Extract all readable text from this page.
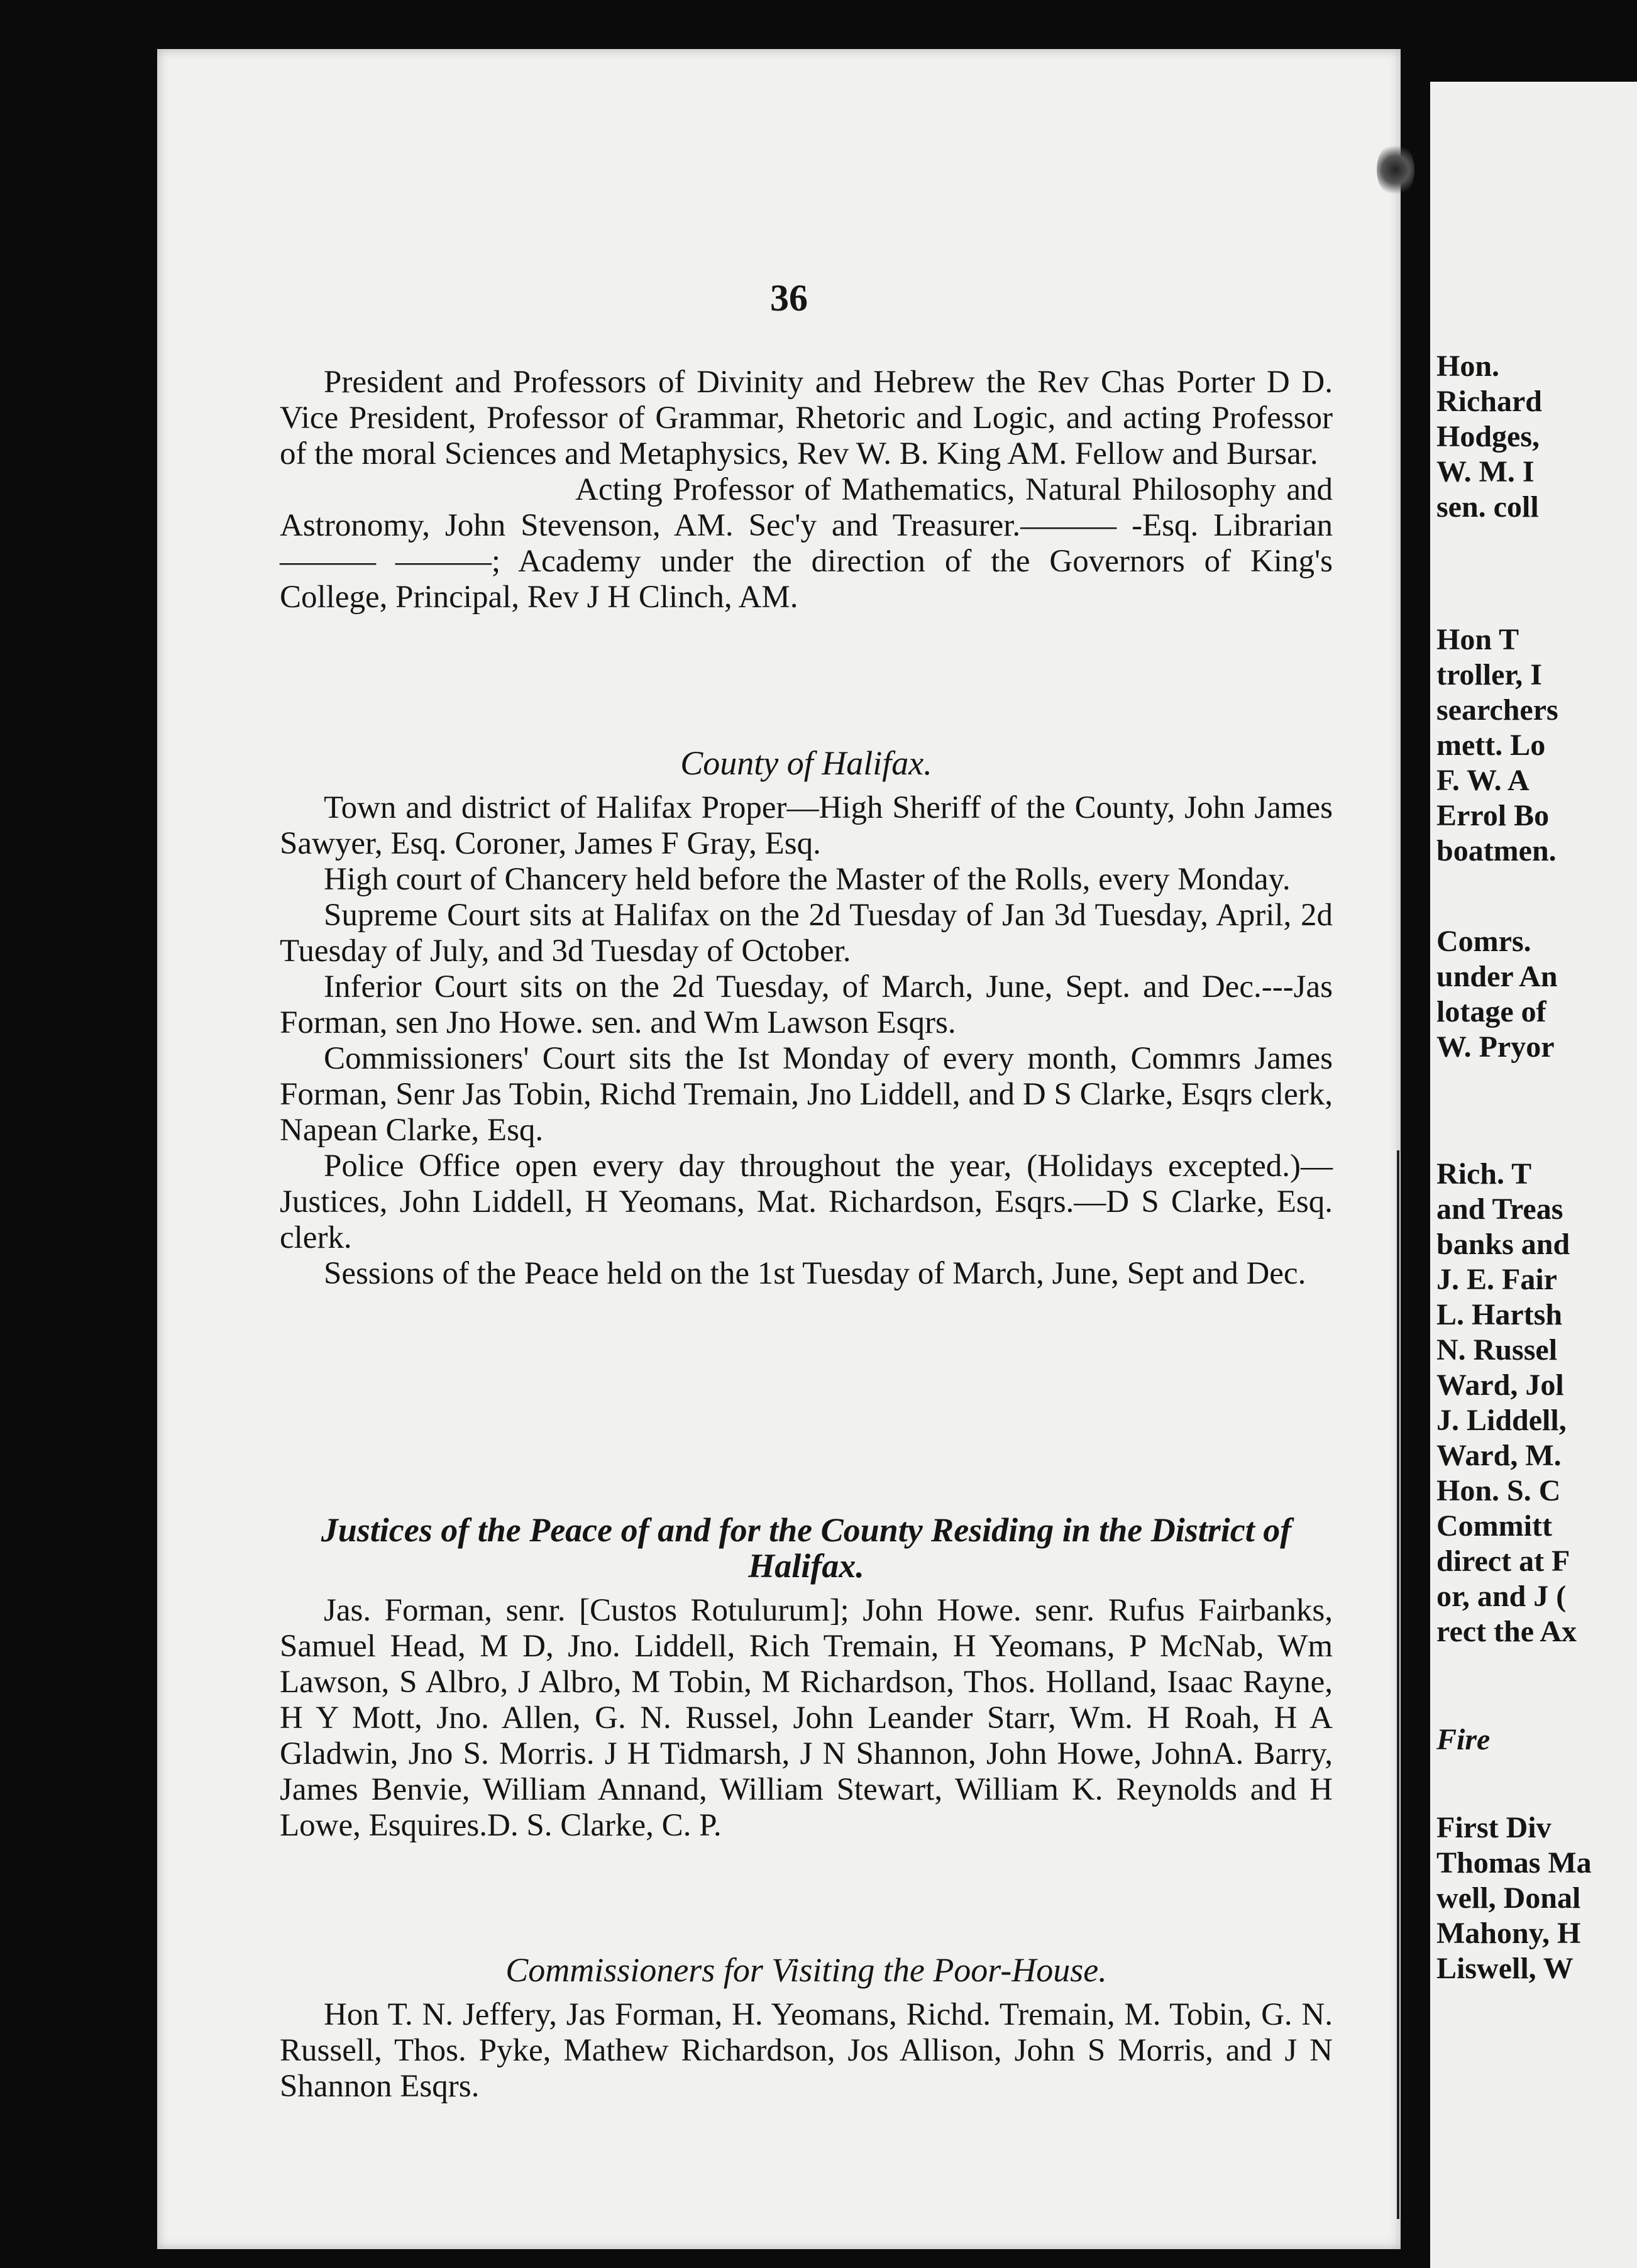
36

President and Professors of Divinity and Hebrew the Rev Chas Porter D D. Vice President, Professor of Grammar, Rhetoric and Logic, and acting Professor of the moral Sciences and Metaphysics, Rev W. B. King AM. Fellow and Bursar.

Acting Professor of Mathematics, Natural Philosophy and Astronomy, John Stevenson, AM. Sec'y and Treasurer.——— -Esq. Librarian——— ———; Academy under the direction of the Governors of King's College, Principal, Rev J H Clinch, AM.

County of Halifax.

Town and district of Halifax Proper—High Sheriff of the County, John James Sawyer, Esq. Coroner, James F Gray, Esq.

High court of Chancery held before the Master of the Rolls, every Monday.

Supreme Court sits at Halifax on the 2d Tuesday of Jan 3d Tuesday, April, 2d Tuesday of July, and 3d Tuesday of October.

Inferior Court sits on the 2d Tuesday, of March, June, Sept. and Dec.---Jas Forman, sen Jno Howe. sen. and Wm Lawson Esqrs.

Commissioners' Court sits the Ist Monday of every month, Commrs James Forman, Senr Jas Tobin, Richd Tremain, Jno Liddell, and D S Clarke, Esqrs clerk, Napean Clarke, Esq.

Police Office open every day throughout the year, (Holidays excepted.)—Justices, John Liddell, H Yeomans, Mat. Richardson, Esqrs.—D S Clarke, Esq. clerk.

Sessions of the Peace held on the 1st Tuesday of March, June, Sept and Dec.

Justices of the Peace of and for the County Residing in the District of Halifax.

Jas. Forman, senr. [Custos Rotulurum]; John Howe. senr. Rufus Fairbanks, Samuel Head, M D, Jno. Liddell, Rich Tremain, H Yeomans, P McNab, Wm Lawson, S Albro, J Albro, M Tobin, M Richardson, Thos. Holland, Isaac Rayne, H Y Mott, Jno. Allen, G. N. Russel, John Leander Starr, Wm. H Roah, H A Gladwin, Jno S. Morris. J H Tidmarsh, J N Shannon, John Howe, JohnA. Barry, James Benvie, William Annand, William Stewart, William K. Reynolds and H Lowe, Esquires.D. S. Clarke, C. P.

Commissioners for Visiting the Poor-House.

Hon T. N. Jeffery, Jas Forman, H. Yeomans, Richd. Tremain, M. Tobin, G. N. Russell, Thos. Pyke, Mathew Richardson, Jos Allison, John S Morris, and J N Shannon Esqrs.

Hon.
Richard
Hodges,
W. M. I
sen. coll
Hon T
troller, I
searchers
mett. Lo
F. W. A
Errol Bo
boatmen.
Comrs.
under An
lotage of
W. Pryor
Rich. T
and Treas
banks and
J. E. Fair
L. Hartsh
N. Russel
Ward, Jol
J. Liddell,
Ward, M.
Hon. S. C
Committ
direct at F
or, and J (
rect the Ax
Fire
First Div
Thomas Ma
well, Donal
Mahony, H
Liswell, W
